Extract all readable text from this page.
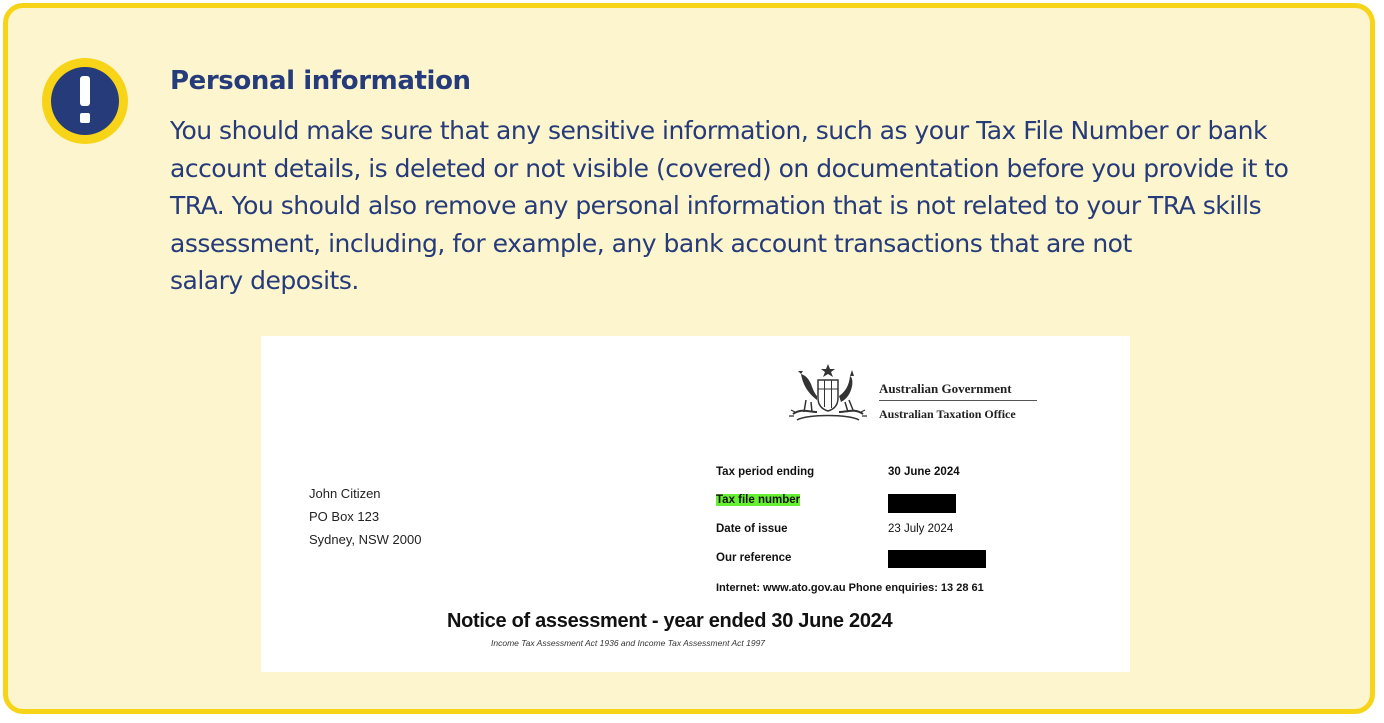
Personal information
You should make sure that any sensitive information, such as your Tax File Number or bank
account details, is deleted or not visible (covered) on documentation before you provide it to
TRA. You should also remove any personal information that is not related to your TRA skills
assessment, including, for example, any bank account transactions that are not
salary deposits.
Australian Government
Australian Taxation Office
John Citizen
PO Box 123
Sydney, NSW 2000
Tax period ending	30 June 2024
Tax file number
Date of issue	23 July 2024
Our reference
Internet: www.ato.gov.au Phone enquiries: 13 28 61
Notice of assessment - year ended 30 June 2024
Income Tax Assessment Act 1936 and Income Tax Assessment Act 1997
